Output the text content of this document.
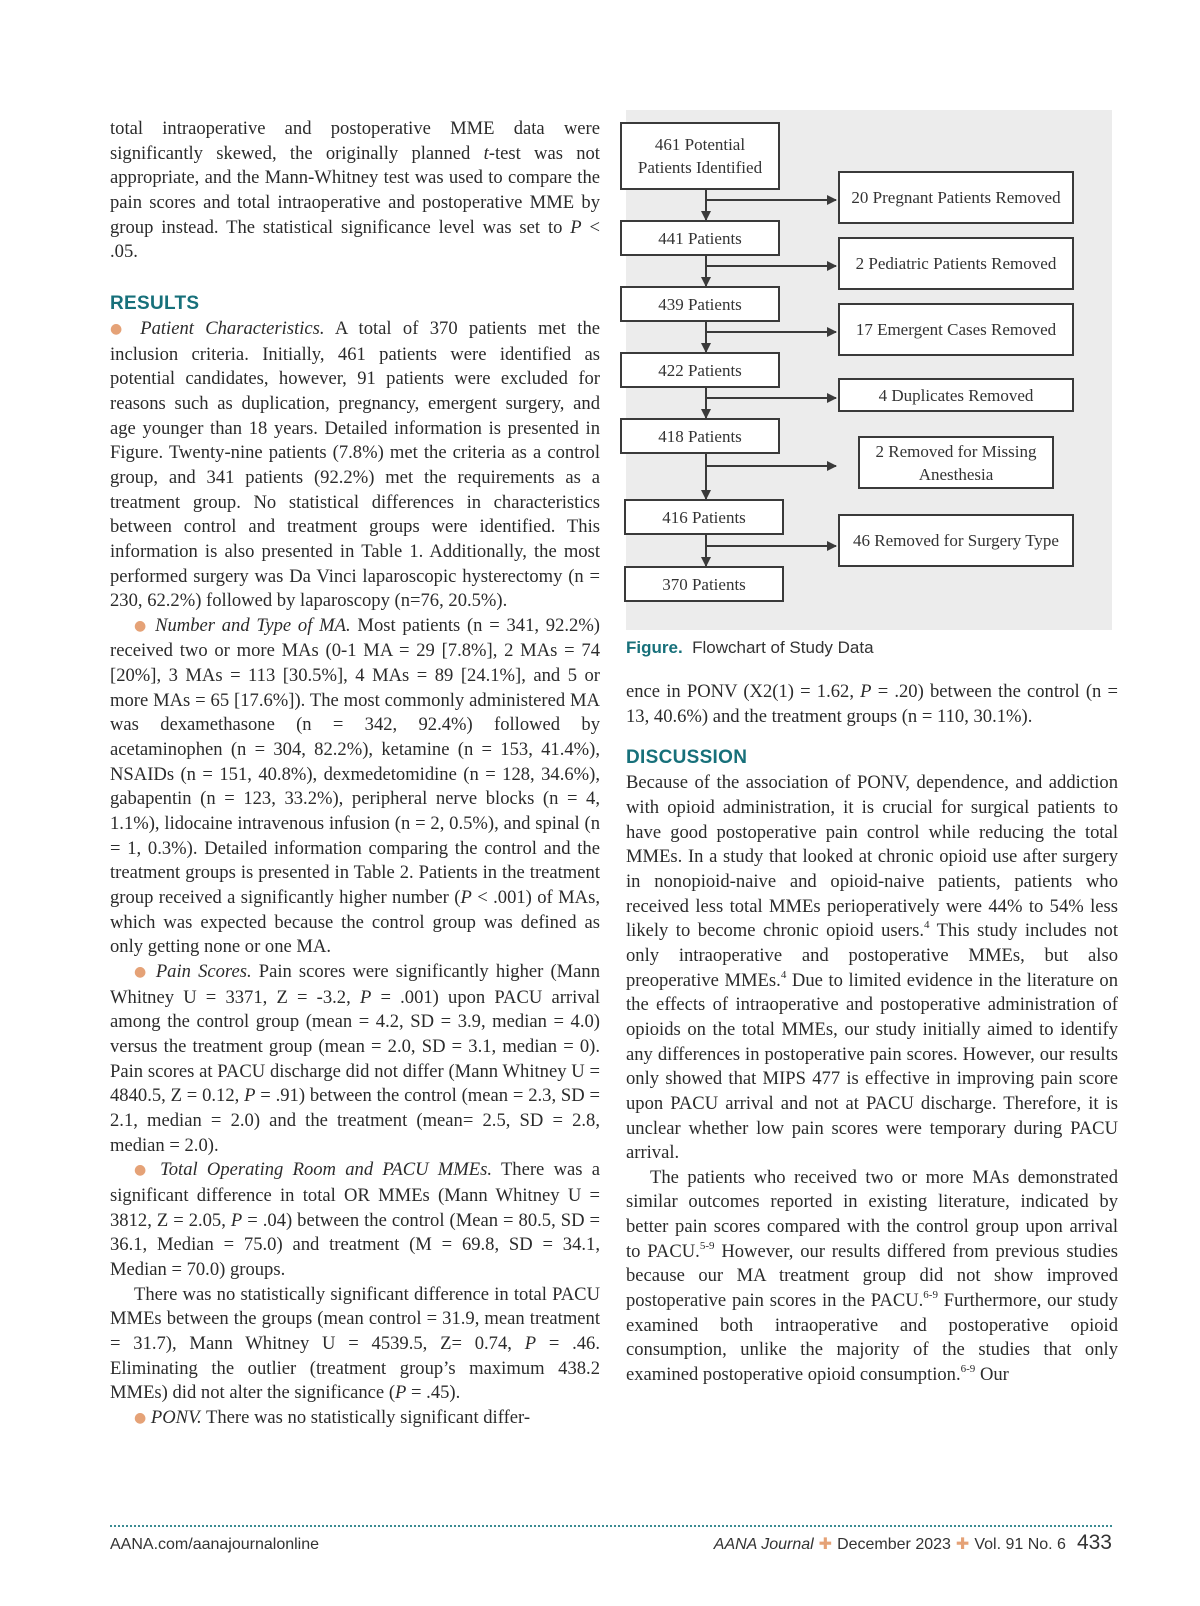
total intraoperative and postoperative MME data were significantly skewed, the originally planned t-test was not appropriate, and the Mann-Whitney test was used to compare the pain scores and total intraoperative and postoperative MME by group instead. The statistical significance level was set to P < .05.

RESULTS

● Patient Characteristics. A total of 370 patients met the inclusion criteria. Initially, 461 patients were identified as potential candidates, however, 91 patients were excluded for reasons such as duplication, pregnancy, emergent surgery, and age younger than 18 years. Detailed information is presented in Figure. Twenty-nine patients (7.8%) met the criteria as a control group, and 341 patients (92.2%) met the requirements as a treatment group. No statistical differences in characteristics between control and treatment groups were identified. This information is also presented in Table 1. Additionally, the most performed surgery was Da Vinci laparoscopic hysterectomy (n = 230, 62.2%) followed by laparoscopy (n=76, 20.5%).

● Number and Type of MA. Most patients (n = 341, 92.2%) received two or more MAs (0-1 MA = 29 [7.8%], 2 MAs = 74 [20%], 3 MAs = 113 [30.5%], 4 MAs = 89 [24.1%], and 5 or more MAs = 65 [17.6%]). The most commonly administered MA was dexamethasone (n = 342, 92.4%) followed by acetaminophen (n = 304, 82.2%), ketamine (n = 153, 41.4%), NSAIDs (n = 151, 40.8%), dexmedetomidine (n = 128, 34.6%), gabapentin (n = 123, 33.2%), peripheral nerve blocks (n = 4, 1.1%), lidocaine intravenous infusion (n = 2, 0.5%), and spinal (n = 1, 0.3%). Detailed information comparing the control and the treatment groups is presented in Table 2. Patients in the treatment group received a significantly higher number (P < .001) of MAs, which was expected because the control group was defined as only getting none or one MA.

● Pain Scores. Pain scores were significantly higher (Mann Whitney U = 3371, Z = -3.2, P = .001) upon PACU arrival among the control group (mean = 4.2, SD = 3.9, median = 4.0) versus the treatment group (mean = 2.0, SD = 3.1, median = 0). Pain scores at PACU discharge did not differ (Mann Whitney U = 4840.5, Z = 0.12, P = .91) between the control (mean = 2.3, SD = 2.1, median = 2.0) and the treatment (mean= 2.5, SD = 2.8, median = 2.0).

● Total Operating Room and PACU MMEs. There was a significant difference in total OR MMEs (Mann Whitney U = 3812, Z = 2.05, P = .04) between the control (Mean = 80.5, SD = 36.1, Median = 75.0) and treatment (M = 69.8, SD = 34.1, Median = 70.0) groups.

There was no statistically significant difference in total PACU MMEs between the groups (mean control = 31.9, mean treatment = 31.7), Mann Whitney U = 4539.5, Z= 0.74, P = .46. Eliminating the outlier (treatment group’s maximum 438.2 MMEs) did not alter the significance (P = .45).

● PONV. There was no statistically significant differ-

461 Potential Patients Identified
441 Patients
439 Patients
422 Patients
418 Patients
416 Patients
370 Patients
20 Pregnant Patients Removed
2 Pediatric Patients Removed
17 Emergent Cases Removed
4 Duplicates Removed
2 Removed for Missing Anesthesia
46 Removed for Surgery Type
Figure. Flowchart of Study Data

ence in PONV (X2(1) = 1.62, P = .20) between the control (n = 13, 40.6%) and the treatment groups (n = 110, 30.1%).

DISCUSSION

Because of the association of PONV, dependence, and addiction with opioid administration, it is crucial for surgical patients to have good postoperative pain control while reducing the total MMEs. In a study that looked at chronic opioid use after surgery in nonopioid-naive and opioid-naive patients, patients who received less total MMEs perioperatively were 44% to 54% less likely to become chronic opioid users.$^4$ This study includes not only intraoperative and postoperative MMEs, but also preoperative MMEs.$^4$ Due to limited evidence in the literature on the effects of intraoperative and postoperative administration of opioids on the total MMEs, our study initially aimed to identify any differences in postoperative pain scores. However, our results only showed that MIPS 477 is effective in improving pain score upon PACU arrival and not at PACU discharge. Therefore, it is unclear whether low pain scores were temporary during PACU arrival.

The patients who received two or more MAs demonstrated similar outcomes reported in existing literature, indicated by better pain scores compared with the control group upon arrival to PACU.$^{5-9}$ However, our results differed from previous studies because our MA treatment group did not show improved postoperative pain scores in the PACU.$^{6-9}$ Furthermore, our study examined both intraoperative and postoperative opioid consumption, unlike the majority of the studies that only examined postoperative opioid consumption.$^{6-9}$ Our

AANA.com/aanajournalonline	AANA Journal ✚ December 2023 ✚ Vol. 91 No. 6 433
